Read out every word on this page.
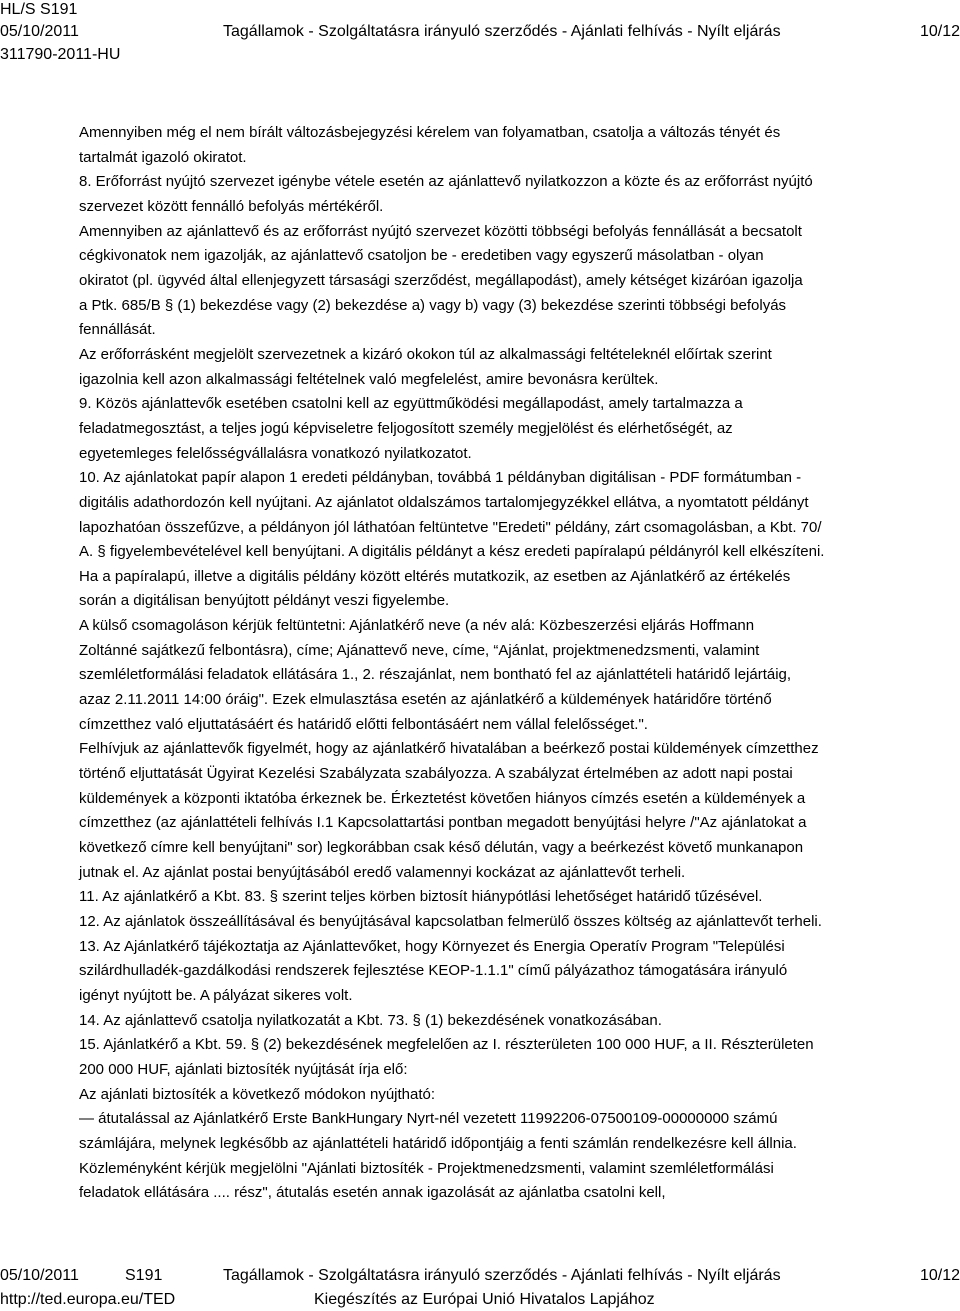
HL/S S191
05/10/2011	Tagállamok - Szolgáltatásra irányuló szerződés - Ajánlati felhívás - Nyílt eljárás	10/12
311790-2011-HU

Amennyiben még el nem bírált változásbejegyzési kérelem van folyamatban, csatolja a változás tényét és

tartalmát igazoló okiratot.

8. Erőforrást nyújtó szervezet igénybe vétele esetén az ajánlattevő nyilatkozzon a közte és az erőforrást nyújtó

szervezet között fennálló befolyás mértékéről.

Amennyiben az ajánlattevő és az erőforrást nyújtó szervezet közötti többségi befolyás fennállását a becsatolt

cégkivonatok nem igazolják, az ajánlattevő csatoljon be - eredetiben vagy egyszerű másolatban - olyan

okiratot (pl. ügyvéd által ellenjegyzett társasági szerződést, megállapodást), amely kétséget kizáróan igazolja

a Ptk. 685/B § (1) bekezdése vagy (2) bekezdése a) vagy b) vagy (3) bekezdése szerinti többségi befolyás

fennállását.

Az erőforrásként megjelölt szervezetnek a kizáró okokon túl az alkalmassági feltételeknél előírtak szerint

igazolnia kell azon alkalmassági feltételnek való megfelelést, amire bevonásra kerültek.

9. Közös ajánlattevők esetében csatolni kell az együttműködési megállapodást, amely tartalmazza a

feladatmegosztást, a teljes jogú képviseletre feljogosított személy megjelölést és elérhetőségét, az

egyetemleges felelősségvállalásra vonatkozó nyilatkozatot.

10. Az ajánlatokat papír alapon 1 eredeti példányban, továbbá 1 példányban digitálisan - PDF formátumban -

digitális adathordozón kell nyújtani. Az ajánlatot oldalszámos tartalomjegyzékkel ellátva, a nyomtatott példányt

lapozhatóan összefűzve, a példányon jól láthatóan feltüntetve "Eredeti" példány, zárt csomagolásban, a Kbt. 70/

A. § figyelembevételével kell benyújtani. A digitális példányt a kész eredeti papíralapú példányról kell elkészíteni.

Ha a papíralapú, illetve a digitális példány között eltérés mutatkozik, az esetben az Ajánlatkérő az értékelés

során a digitálisan benyújtott példányt veszi figyelembe.

A külső csomagoláson kérjük feltüntetni: Ajánlatkérő neve (a név alá: Közbeszerzési eljárás Hoffmann

Zoltánné sajátkezű felbontásra), címe; Ajánattevő neve, címe, “Ajánlat, projektmenedzsmenti, valamint

szemléletformálási feladatok ellátására 1., 2. részajánlat, nem bontható fel az ajánlattételi határidő lejártáig,

azaz 2.11.2011 14:00 óráig". Ezek elmulasztása esetén az ajánlatkérő a küldemények határidőre történő

címzetthez való eljuttatásáért és határidő előtti felbontásáért nem vállal felelősséget.".

Felhívjuk az ajánlattevők figyelmét, hogy az ajánlatkérő hivatalában a beérkező postai küldemények címzetthez

történő eljuttatását Ügyirat Kezelési Szabályzata szabályozza. A szabályzat értelmében az adott napi postai

küldemények a központi iktatóba érkeznek be. Érkeztetést követően hiányos címzés esetén a küldemények a

címzetthez (az ajánlattételi felhívás I.1 Kapcsolattartási pontban megadott benyújtási helyre /"Az ajánlatokat a

következő címre kell benyújtani" sor) legkorábban csak késő délután, vagy a beérkezést követő munkanapon

jutnak el. Az ajánlat postai benyújtásából eredő valamennyi kockázat az ajánlattevőt terheli.

11. Az ajánlatkérő a Kbt. 83. § szerint teljes körben biztosít hiánypótlási lehetőséget határidő tűzésével.

12. Az ajánlatok összeállításával és benyújtásával kapcsolatban felmerülő összes költség az ajánlattevőt terheli.

13. Az Ajánlatkérő tájékoztatja az Ajánlattevőket, hogy Környezet és Energia Operatív Program "Települési

szilárdhulladék-gazdálkodási rendszerek fejlesztése KEOP-1.1.1" című pályázathoz támogatására irányuló

igényt nyújtott be. A pályázat sikeres volt.

14. Az ajánlattevő csatolja nyilatkozatát a Kbt. 73. § (1) bekezdésének vonatkozásában.

15. Ajánlatkérő a Kbt. 59. § (2) bekezdésének megfelelően az I. részterületen 100 000 HUF, a II. Részterületen

200 000 HUF, ajánlati biztosíték nyújtását írja elő:

Az ajánlati biztosíték a következő módokon nyújtható:

— átutalással az Ajánlatkérő Erste BankHungary Nyrt-nél vezetett 11992206-07500109-00000000 számú

számlájára, melynek legkésőbb az ajánlattételi határidő időpontjáig a fenti számlán rendelkezésre kell állnia.

Közleményként kérjük megjelölni "Ajánlati biztosíték - Projektmenedzsmenti, valamint szemléletformálási

feladatok ellátására .... rész", átutalás esetén annak igazolását az ajánlatba csatolni kell,

05/10/2011	S191	Tagállamok - Szolgáltatásra irányuló szerződés - Ajánlati felhívás - Nyílt eljárás	10/12
http://ted.europa.eu/TED	Kiegészítés az Európai Unió Hivatalos Lapjához
